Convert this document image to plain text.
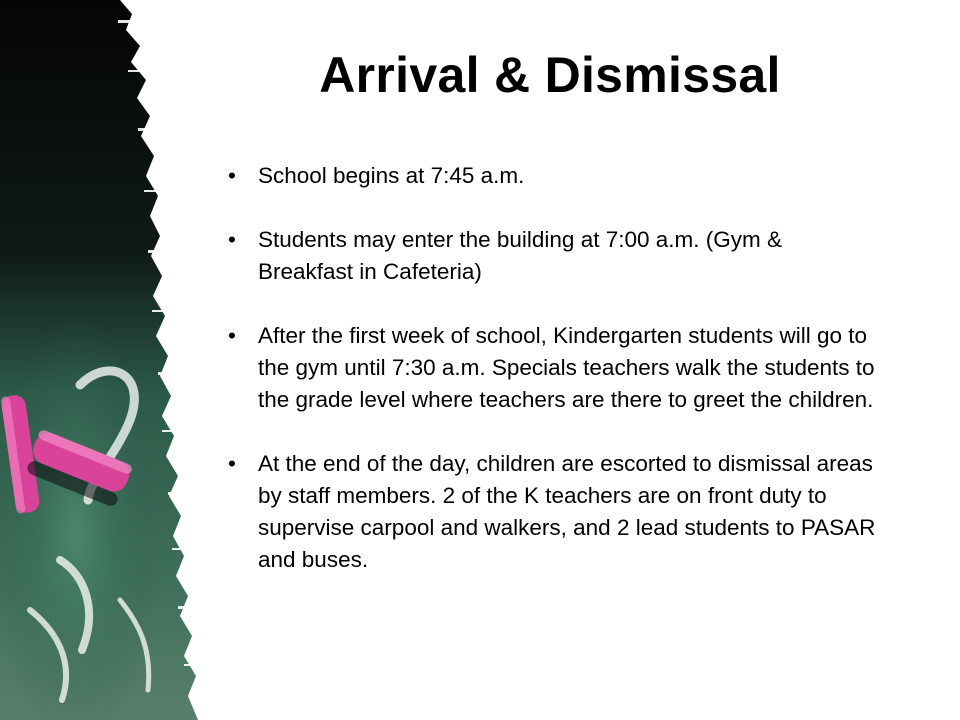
Arrival & Dismissal
• School begins at 7:45 a.m.
• Students may enter the building at 7:00 a.m. (Gym & Breakfast in Cafeteria)
• After the first week of school, Kindergarten students will go to the gym until 7:30 a.m. Specials teachers walk the students to the grade level where teachers are there to greet the children.
• At the end of the day, children are escorted to dismissal areas by staff members. 2 of the K teachers are on front duty to supervise carpool and walkers, and 2 lead students to PASAR and buses.
